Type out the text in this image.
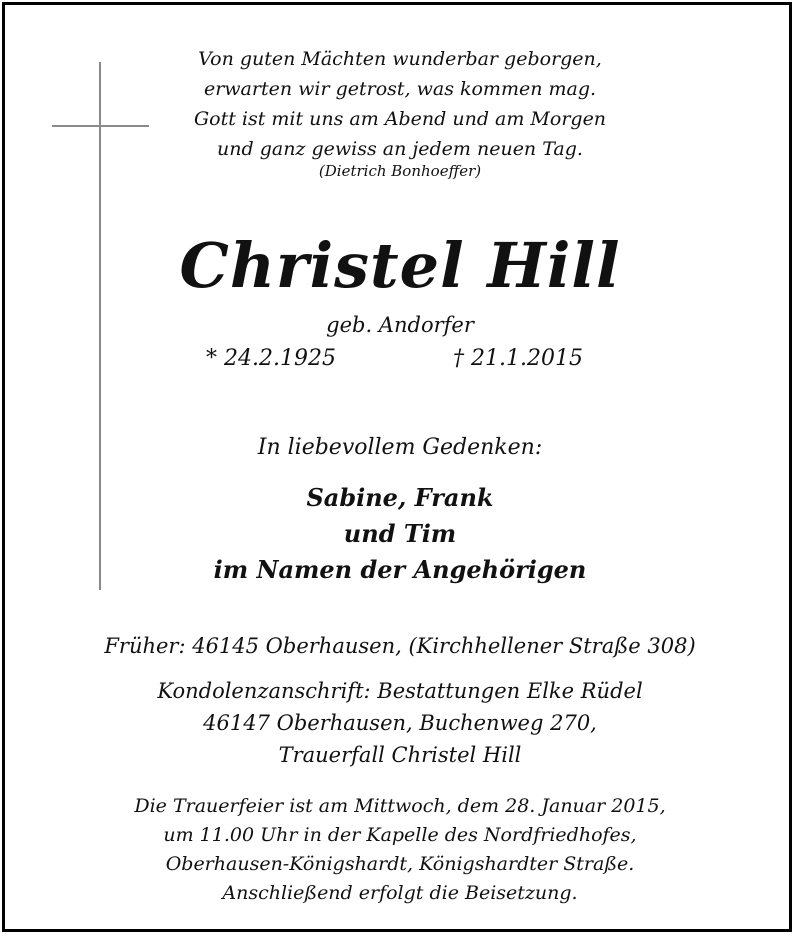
Von guten Mächten wunderbar geborgen,
erwarten wir getrost, was kommen mag.
Gott ist mit uns am Abend und am Morgen
und ganz gewiss an jedem neuen Tag.
(Dietrich Bonhoeffer)
Christel Hill
geb. Andorfer
* 24.2.1925	† 21.1.2015
In liebevollem Gedenken:
Sabine, Frank
und Tim
im Namen der Angehörigen
Früher: 46145 Oberhausen, (Kirchhellener Straße 308)
Kondolenzanschrift: Bestattungen Elke Rüdel
46147 Oberhausen, Buchenweg 270,
Trauerfall Christel Hill
Die Trauerfeier ist am Mittwoch, dem 28. Januar 2015,
um 11.00 Uhr in der Kapelle des Nordfriedhofes,
Oberhausen-Königshardt, Königshardter Straße.
Anschließend erfolgt die Beisetzung.
